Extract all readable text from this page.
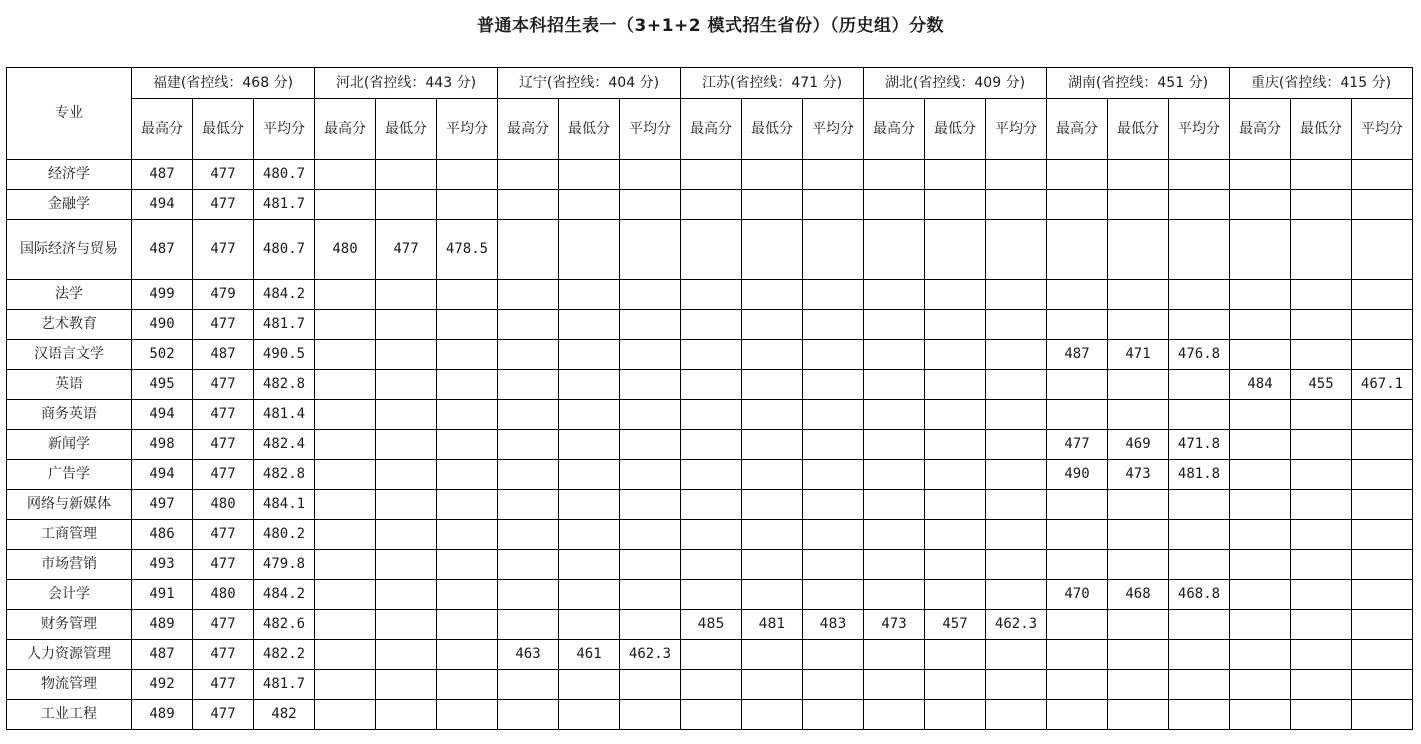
普通本科招生表一（3+1+2 模式招生省份）（历史组）分数
专业	福建(省控线：468 分)			河北(省控线：443 分)			辽宁(省控线：404 分)			江苏(省控线：471 分)			湖北(省控线：409 分)			湖南(省控线：451 分)			重庆(省控线：415 分)		
	最高分	最低分	平均分	最高分	最低分	平均分	最高分	最低分	平均分	最高分	最低分	平均分	最高分	最低分	平均分	最高分	最低分	平均分	最高分	最低分	平均分
经济学	487	477	480.7																		
金融学	494	477	481.7																		
国际经济与贸易	487	477	480.7	480	477	478.5															
法学	499	479	484.2																		
艺术教育	490	477	481.7																		
汉语言文学	502	487	490.5													487	471	476.8			
英语	495	477	482.8																484	455	467.1
商务英语	494	477	481.4																		
新闻学	498	477	482.4													477	469	471.8			
广告学	494	477	482.8													490	473	481.8			
网络与新媒体	497	480	484.1																		
工商管理	486	477	480.2																		
市场营销	493	477	479.8																		
会计学	491	480	484.2													470	468	468.8			
财务管理	489	477	482.6							485	481	483	473	457	462.3						
人力资源管理	487	477	482.2				463	461	462.3												
物流管理	492	477	481.7																		
工业工程	489	477	482																		
